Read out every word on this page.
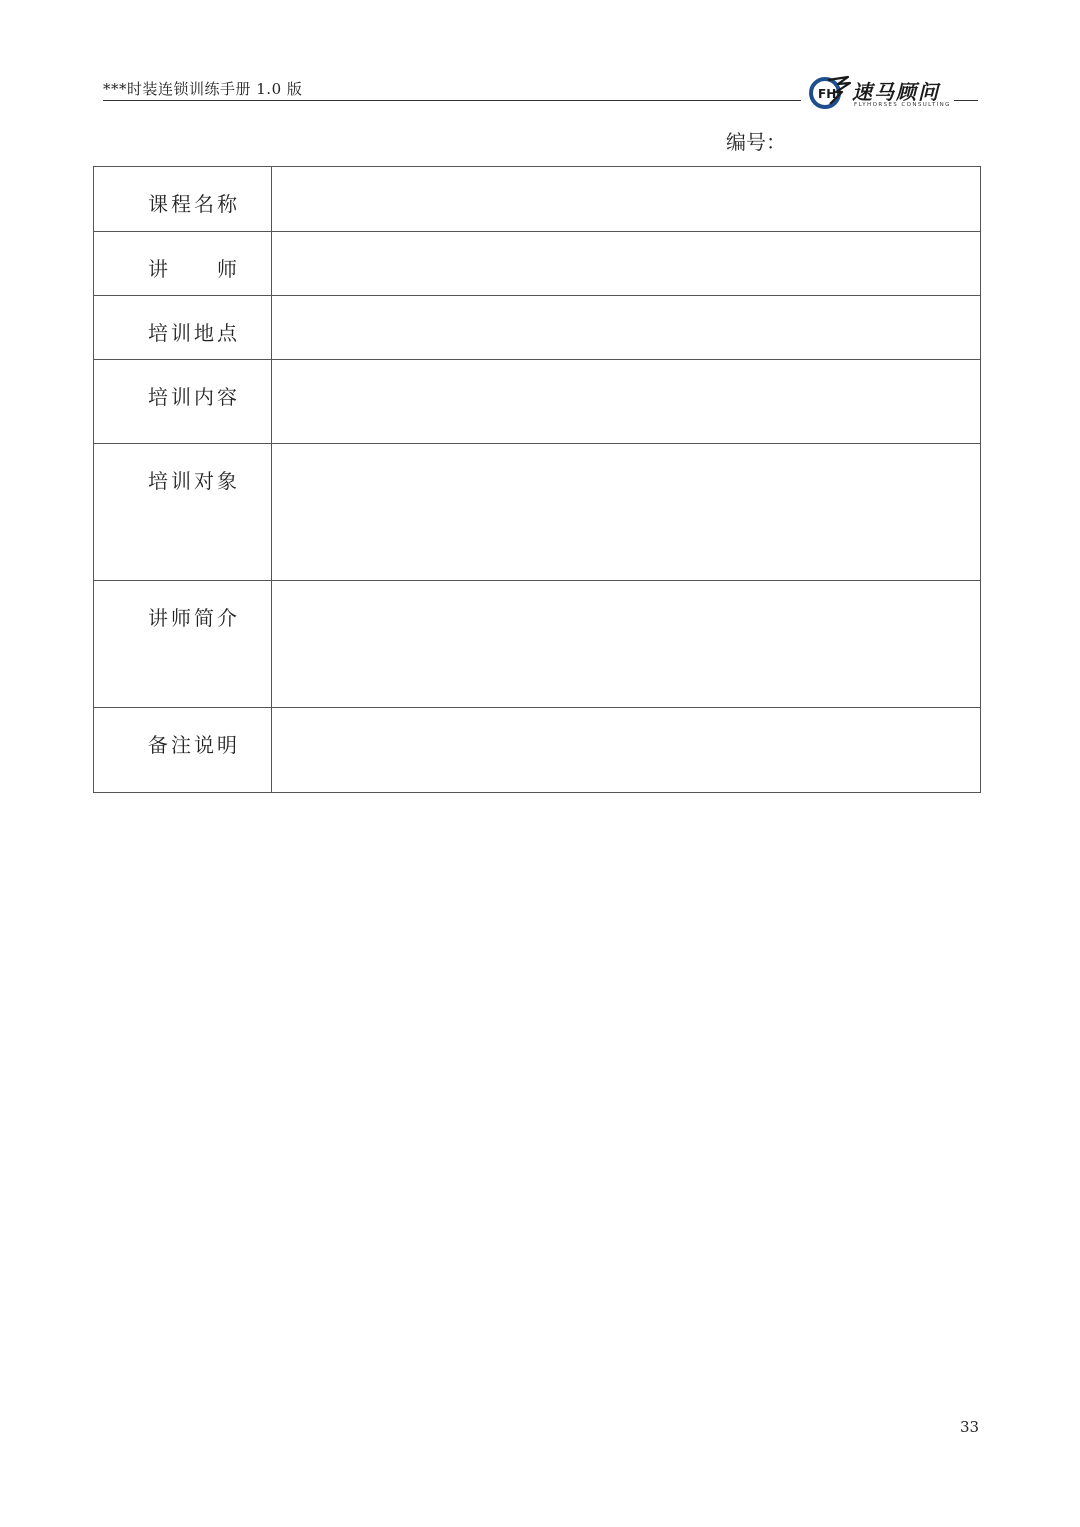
***时装连锁训练手册 1.0 版	FH 速马顾问
FLYHORSES CONSULTING
编号：
课程名称	

讲　　师	

培训地点	

培训内容	

培训对象	

讲师简介	

备注说明	

33
